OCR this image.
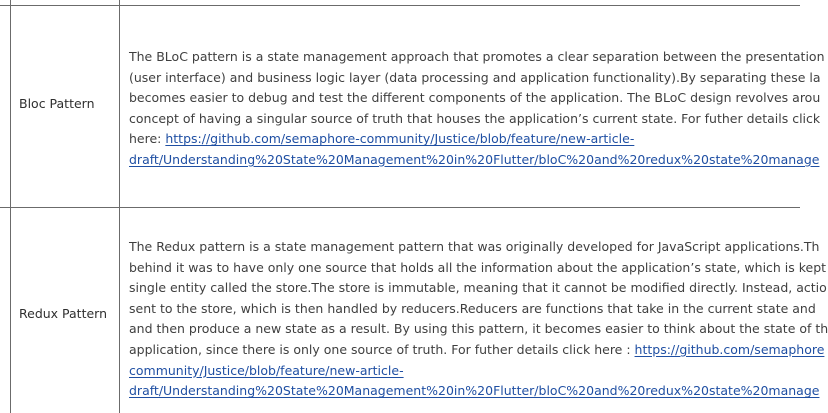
Bloc Pattern
The BLoC pattern is a state management approach that promotes a clear separation between the presentation
(user interface) and business logic layer (data processing and application functionality).By separating these la
becomes easier to debug and test the different components of the application. The BLoC design revolves arou
concept of having a singular source of truth that houses the application’s current state. For futher details click
here: https://github.com/semaphore-community/Justice/blob/feature/new-article-
draft/Understanding%20State%20Management%20in%20Flutter/bloC%20and%20redux%20state%20manage
Redux Pattern
The Redux pattern is a state management pattern that was originally developed for JavaScript applications.Th
behind it was to have only one source that holds all the information about the application’s state, which is kept
single entity called the store.The store is immutable, meaning that it cannot be modified directly. Instead, actio
sent to the store, which is then handled by reducers.Reducers are functions that take in the current state and
and then produce a new state as a result. By using this pattern, it becomes easier to think about the state of th
application, since there is only one source of truth. For futher details click here : https://github.com/semaphore
community/Justice/blob/feature/new-article-
draft/Understanding%20State%20Management%20in%20Flutter/bloC%20and%20redux%20state%20manage
